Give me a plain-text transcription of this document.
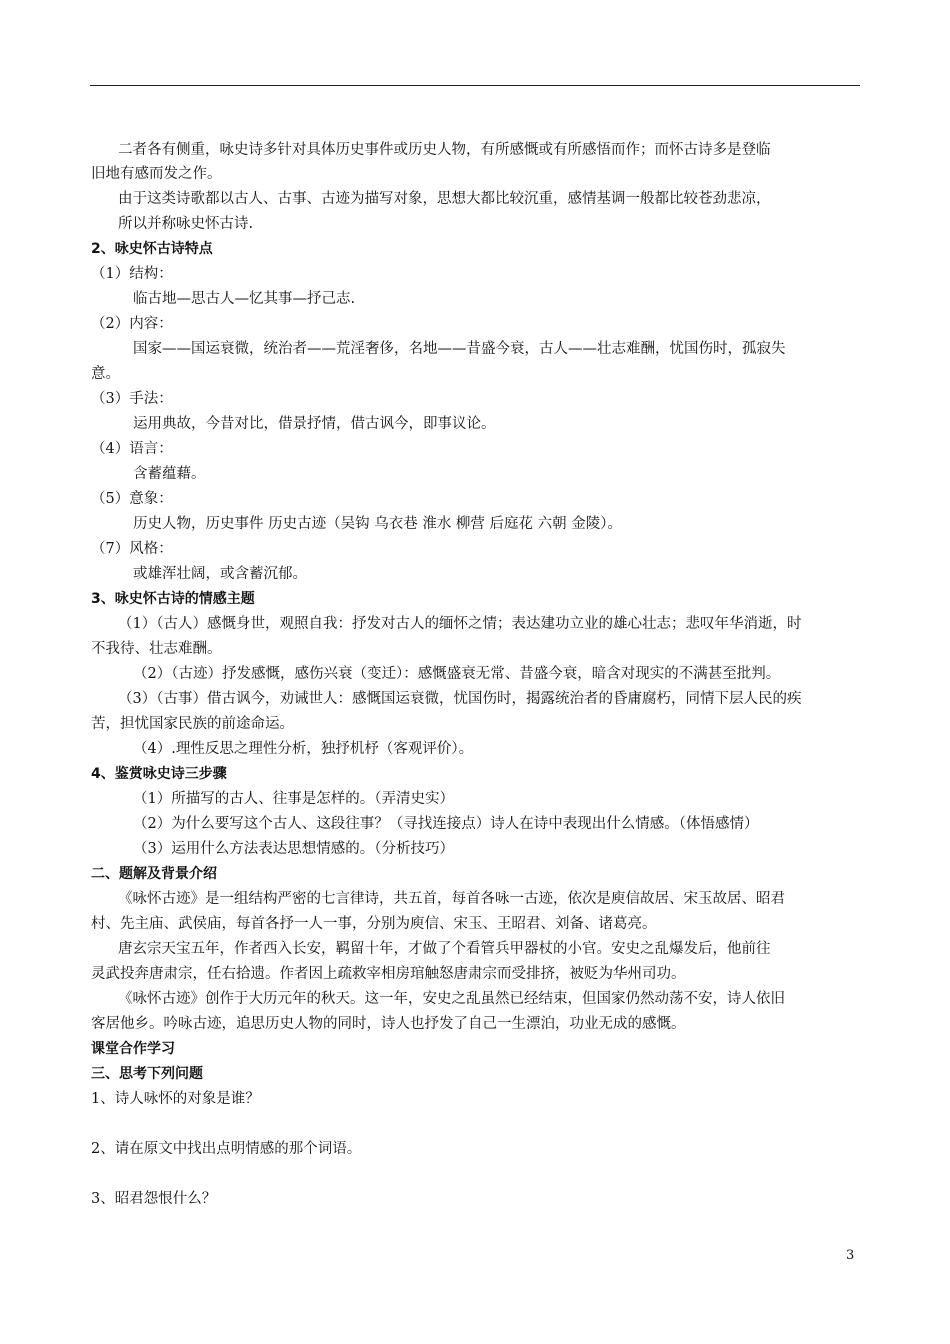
二者各有侧重，咏史诗多针对具体历史事件或历史人物，有所感慨或有所感悟而作；而怀古诗多是登临
旧地有感而发之作。
由于这类诗歌都以古人、古事、古迹为描写对象，思想大都比较沉重，感情基调一般都比较苍劲悲凉，
所以并称咏史怀古诗.
2、咏史怀古诗特点
（1）结构：
临古地—思古人—忆其事—抒己志.
（2）内容：
国家——国运衰微，统治者——荒淫奢侈，名地——昔盛今衰，古人——壮志难酬，忧国伤时，孤寂失
意。
（3）手法：
运用典故，今昔对比，借景抒情，借古讽今，即事议论。
（4）语言：
含蓄蕴藉。
（5）意象：
历史人物，历史事件 历史古迹（吴钩 乌衣巷 淮水 柳营 后庭花 六朝 金陵）。
（7）风格：
或雄浑壮阔，或含蓄沉郁。
3、咏史怀古诗的情感主题
（1）（古人）感慨身世，观照自我：抒发对古人的缅怀之情；表达建功立业的雄心壮志；悲叹年华消逝，时
不我待、壮志难酬。
（2）（古迹）抒发感慨，感伤兴衰（变迁）：感慨盛衰无常、昔盛今衰，暗含对现实的不满甚至批判。
（3）（古事）借古讽今，劝诫世人：感慨国运衰微，忧国伤时，揭露统治者的昏庸腐朽，同情下层人民的疾
苦，担忧国家民族的前途命运。
（4）.理性反思之理性分析，独抒机杼（客观评价）。
4、鉴赏咏史诗三步骤
（1）所描写的古人、往事是怎样的。（弄清史实）
（2）为什么要写这个古人、这段往事？（寻找连接点）诗人在诗中表现出什么情感。（体悟感情）
（3）运用什么方法表达思想情感的。（分析技巧）
二、题解及背景介绍
《咏怀古迹》是一组结构严密的七言律诗，共五首，每首各咏一古迹，依次是庾信故居、宋玉故居、昭君
村、先主庙、武侯庙，每首各抒一人一事，分别为庾信、宋玉、王昭君、刘备、诸葛亮。
唐玄宗天宝五年，作者西入长安，羁留十年，才做了个看管兵甲器杖的小官。安史之乱爆发后，他前往
灵武投奔唐肃宗，任右拾遗。作者因上疏救宰相房琯触怒唐肃宗而受排挤，被贬为华州司功。
《咏怀古迹》创作于大历元年的秋天。这一年，安史之乱虽然已经结束，但国家仍然动荡不安，诗人依旧
客居他乡。吟咏古迹，追思历史人物的同时，诗人也抒发了自己一生漂泊，功业无成的感慨。
课堂合作学习
三、思考下列问题
1、诗人咏怀的对象是谁？
2、请在原文中找出点明情感的那个词语。
3、昭君怨恨什么？
3
